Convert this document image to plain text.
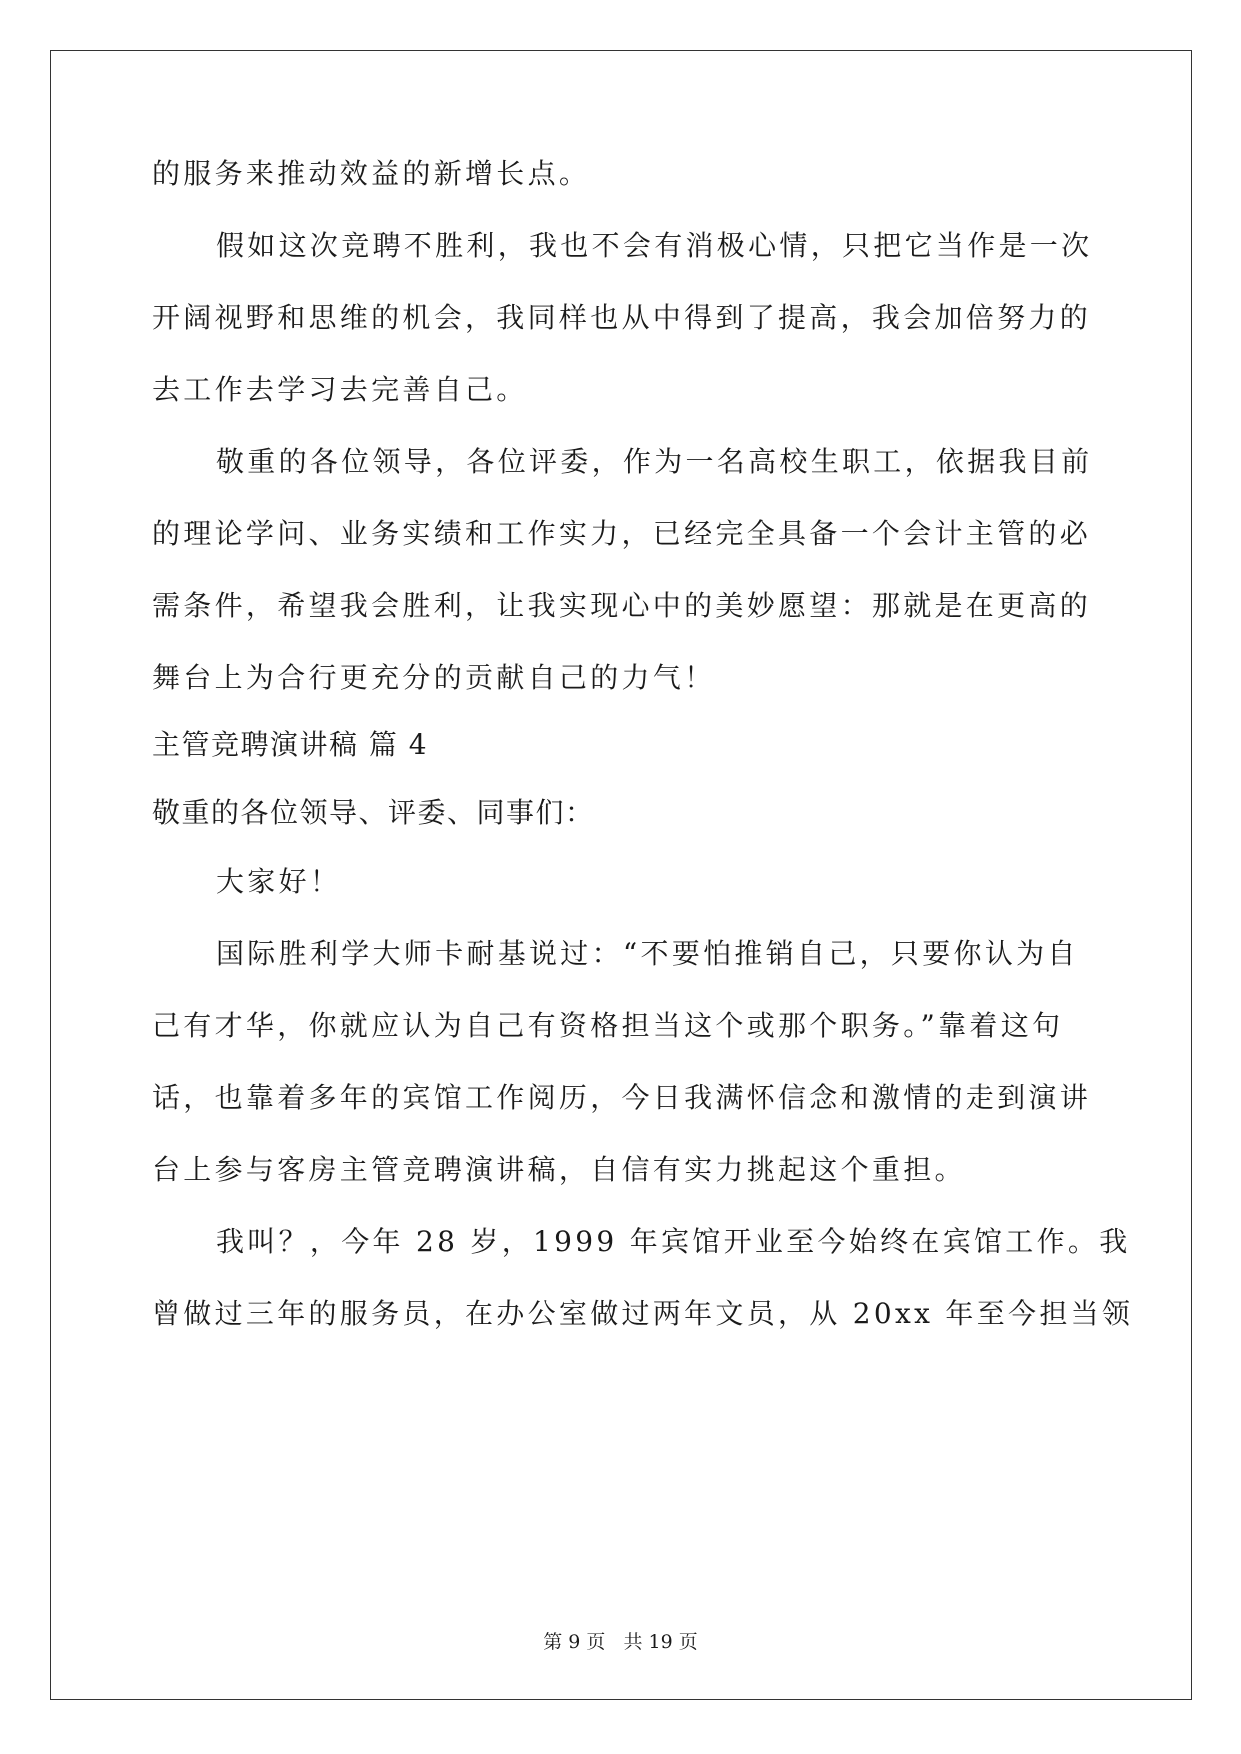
的服务来推动效益的新增长点。
假如这次竞聘不胜利，我也不会有消极心情，只把它当作是一次
开阔视野和思维的机会，我同样也从中得到了提高，我会加倍努力的
去工作去学习去完善自己。
敬重的各位领导，各位评委，作为一名高校生职工，依据我目前
的理论学问、业务实绩和工作实力，已经完全具备一个会计主管的必
需条件，希望我会胜利，让我实现心中的美妙愿望：那就是在更高的
舞台上为合行更充分的贡献自己的力气！
主管竞聘演讲稿 篇 4
敬重的各位领导、评委、同事们：
大家好！
国际胜利学大师卡耐基说过：“不要怕推销自己，只要你认为自
己有才华，你就应认为自己有资格担当这个或那个职务。”靠着这句
话，也靠着多年的宾馆工作阅历，今日我满怀信念和激情的走到演讲
台上参与客房主管竞聘演讲稿，自信有实力挑起这个重担。
我叫？，今年 28 岁，1999 年宾馆开业至今始终在宾馆工作。我
曾做过三年的服务员，在办公室做过两年文员，从 20xx 年至今担当领
第 9 页   共 19 页
